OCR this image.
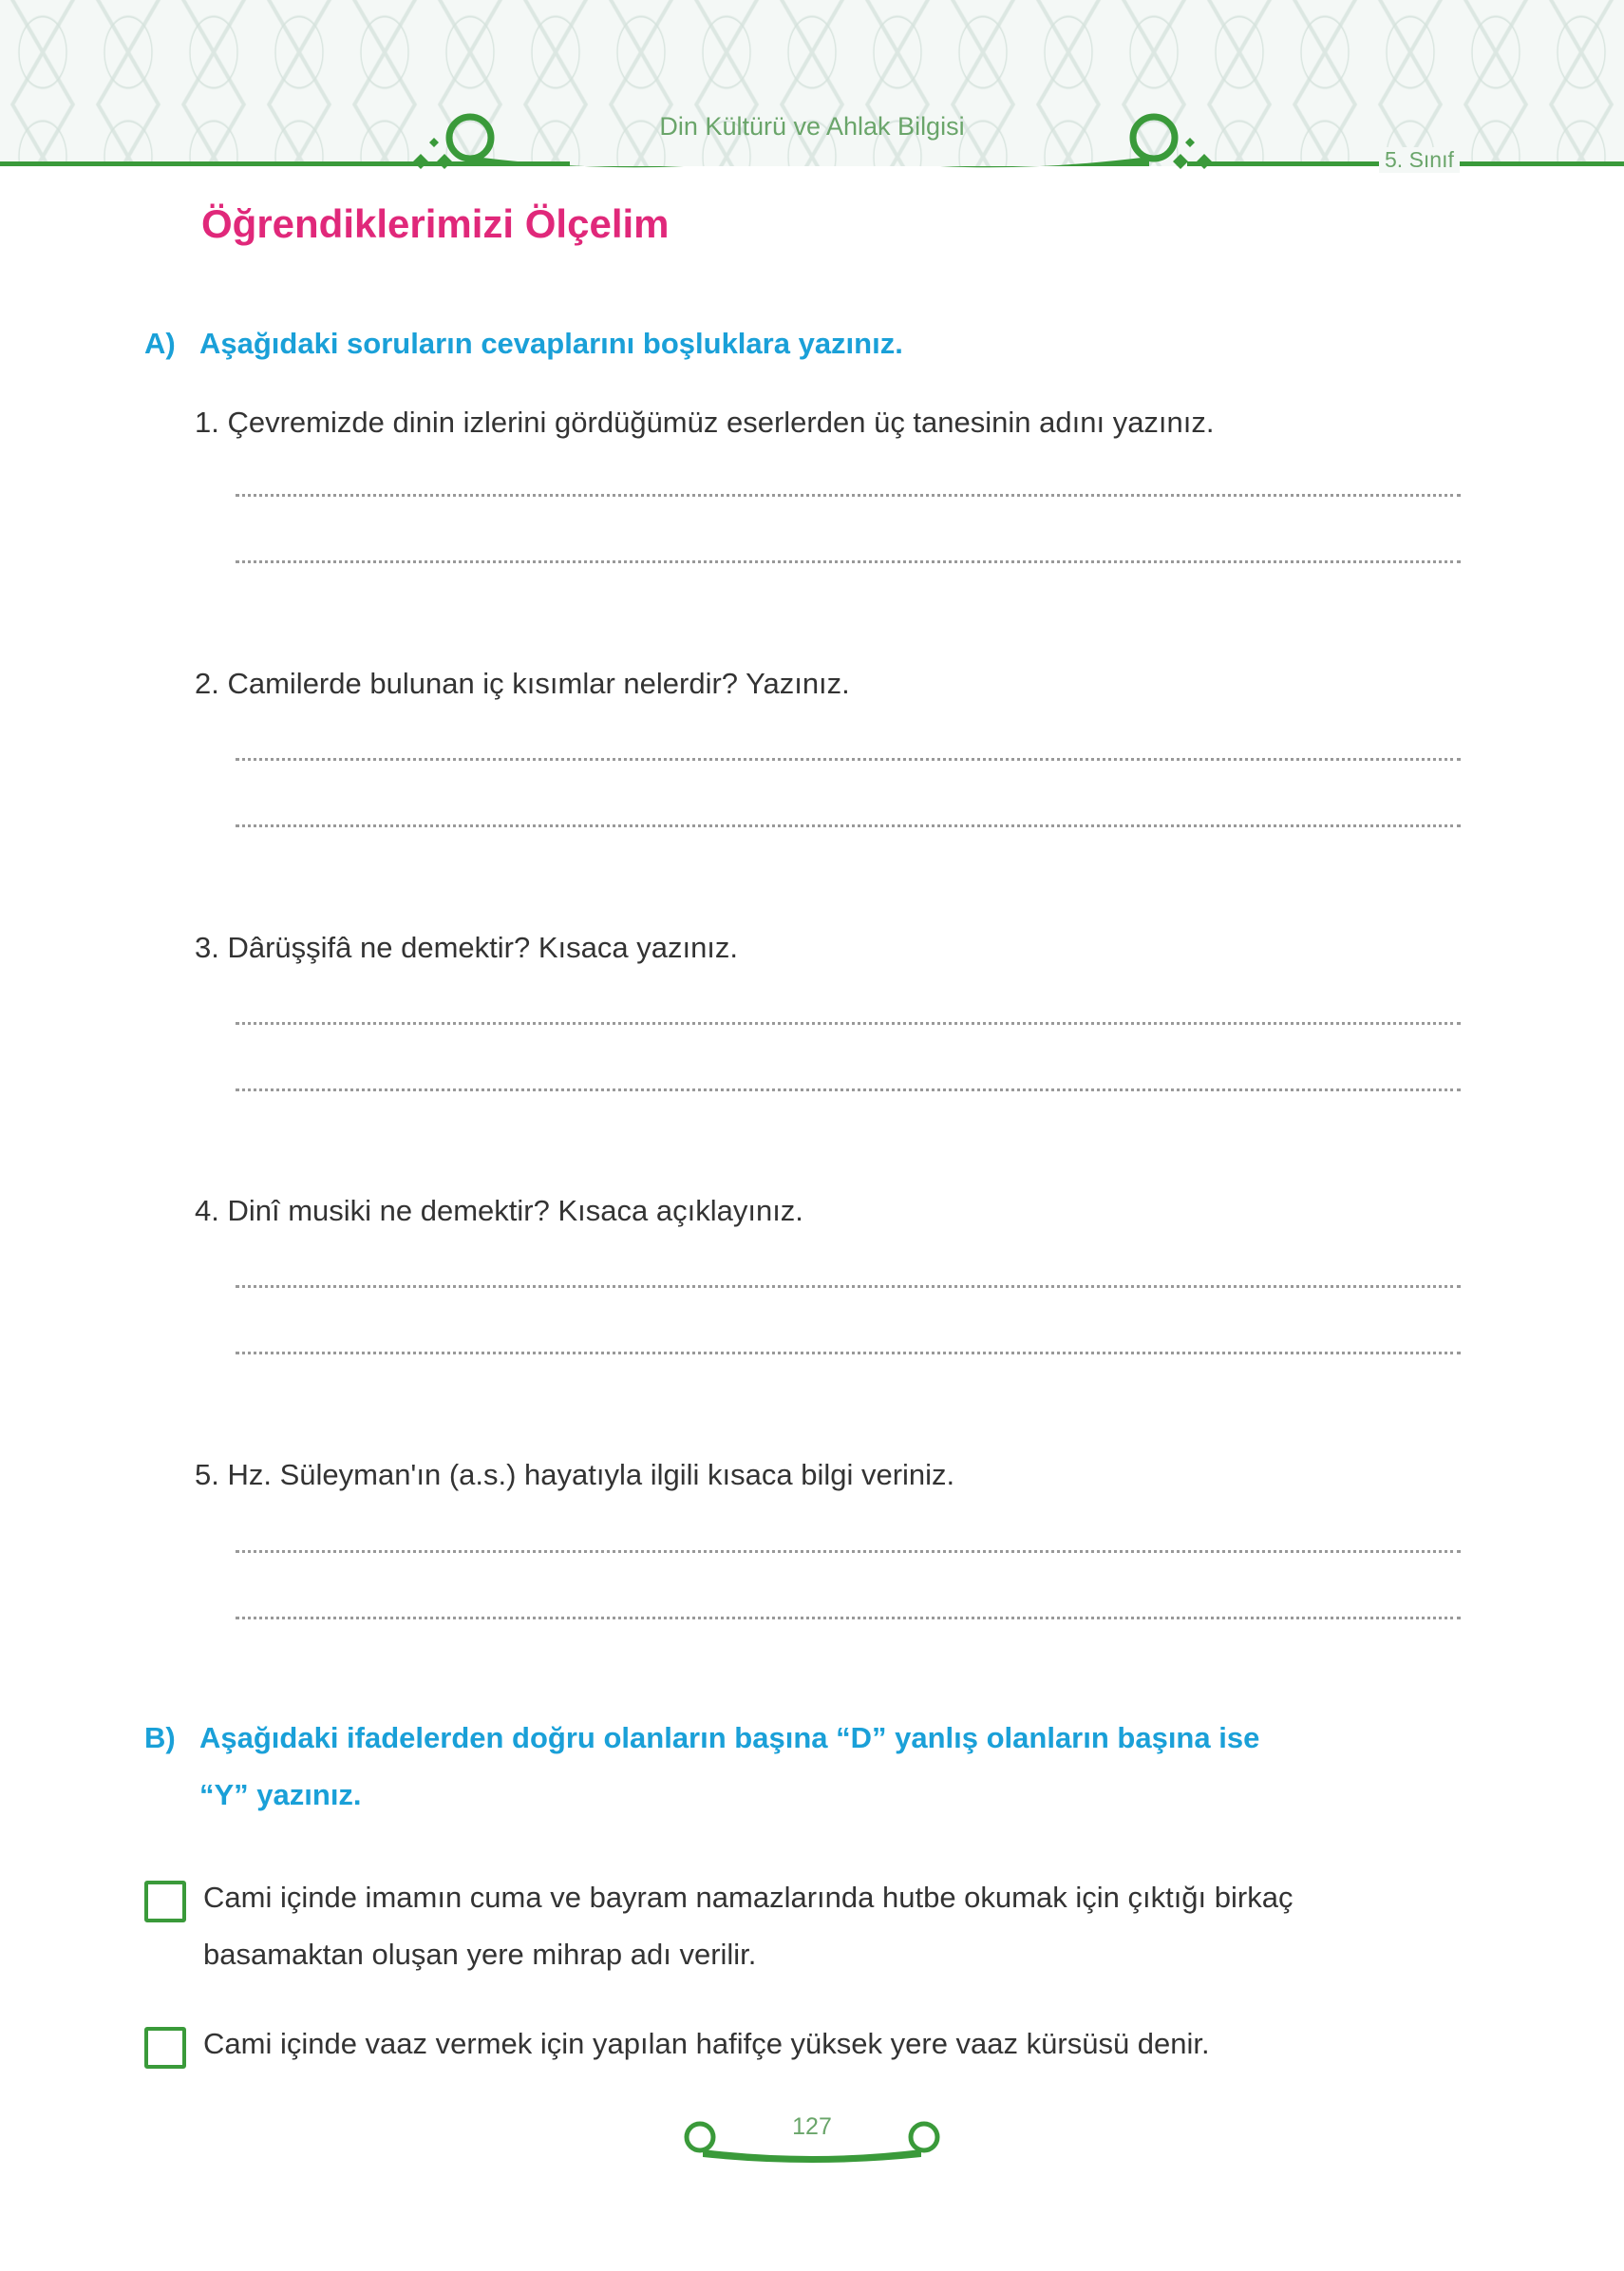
Din Kültürü ve Ahlak Bilgisi
5. Sınıf
Öğrendiklerimizi Ölçelim
A) Aşağıdaki soruların cevaplarını boşluklara yazınız.
1. Çevremizde dinin izlerini gördüğümüz eserlerden üç tanesinin adını yazınız.
2. Camilerde bulunan iç kısımlar nelerdir? Yazınız.
3. Dârüşşifâ ne demektir? Kısaca yazınız.
4. Dinî musiki ne demektir? Kısaca açıklayınız.
5. Hz. Süleyman'ın (a.s.) hayatıyla ilgili kısaca bilgi veriniz.
B) Aşağıdaki ifadelerden doğru olanların başına “D” yanlış olanların başına ise
“Y” yazınız.
Cami içinde imamın cuma ve bayram namazlarında hutbe okumak için çıktığı birkaç
basamaktan oluşan yere mihrap adı verilir.
Cami içinde vaaz vermek için yapılan hafifçe yüksek yere vaaz kürsüsü denir.
127
